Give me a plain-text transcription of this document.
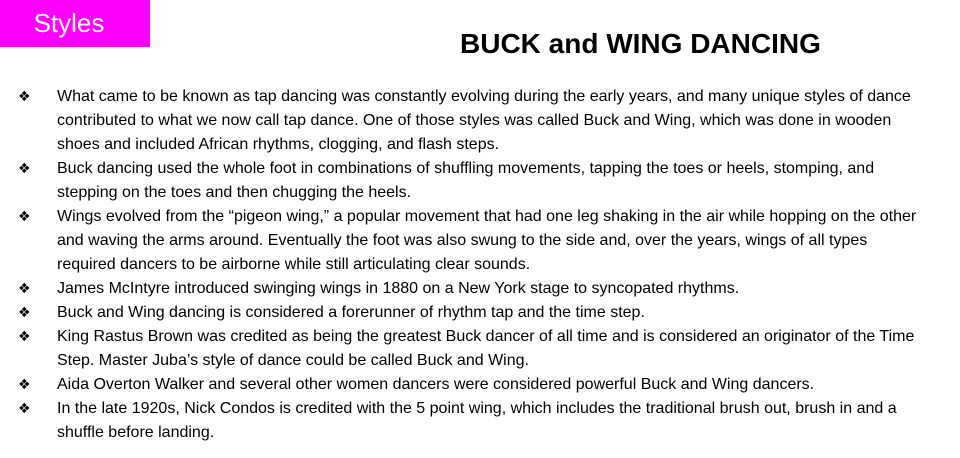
Styles
BUCK and WING DANCING
❖ What came to be known as tap dancing was constantly evolving during the early years, and many unique styles of dance contributed to what we now call tap dance. One of those styles was called Buck and Wing, which was done in wooden shoes and included African rhythms, clogging, and flash steps.
❖ Buck dancing used the whole foot in combinations of shuffling movements, tapping the toes or heels, stomping, and stepping on the toes and then chugging the heels.
❖ Wings evolved from the “pigeon wing,” a popular movement that had one leg shaking in the air while hopping on the other and waving the arms around. Eventually the foot was also swung to the side and, over the years, wings of all types required dancers to be airborne while still articulating clear sounds.
❖ James McIntyre introduced swinging wings in 1880 on a New York stage to syncopated rhythms.
❖ Buck and Wing dancing is considered a forerunner of rhythm tap and the time step.
❖ King Rastus Brown was credited as being the greatest Buck dancer of all time and is considered an originator of the Time Step. Master Juba’s style of dance could be called Buck and Wing.
❖ Aida Overton Walker and several other women dancers were considered powerful Buck and Wing dancers.
❖ In the late 1920s, Nick Condos is credited with the 5 point wing, which includes the traditional brush out, brush in and a shuffle before landing.
